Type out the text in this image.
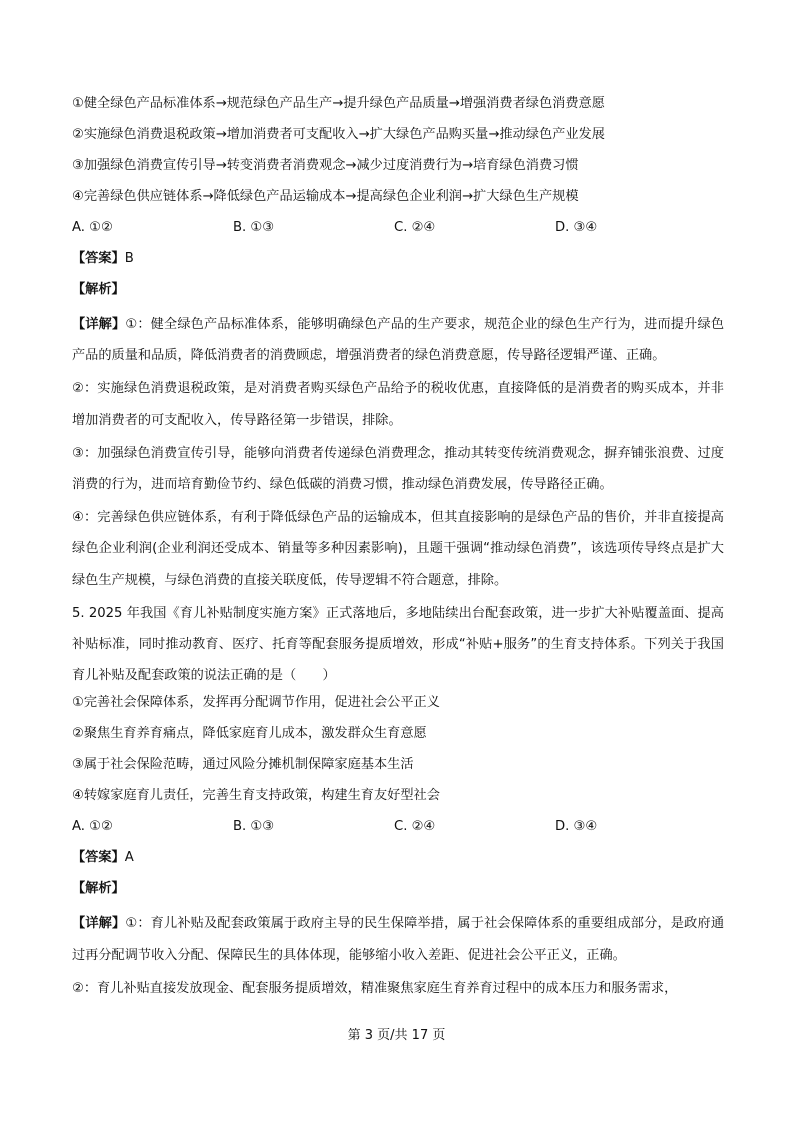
①健全绿色产品标准体系→规范绿色产品生产→提升绿色产品质量→增强消费者绿色消费意愿
②实施绿色消费退税政策→增加消费者可支配收入→扩大绿色产品购买量→推动绿色产业发展
③加强绿色消费宣传引导→转变消费者消费观念→减少过度消费行为→培育绿色消费习惯
④完善绿色供应链体系→降低绿色产品运输成本→提高绿色企业利润→扩大绿色生产规模
A. ①②	B. ①③	C. ②④	D. ③④
【答案】B
【解析】
【详解】①：健全绿色产品标准体系，能够明确绿色产品的生产要求，规范企业的绿色生产行为，进而提升绿色产品的质量和品质，降低消费者的消费顾虑，增强消费者的绿色消费意愿，传导路径逻辑严谨、正确。
②：实施绿色消费退税政策，是对消费者购买绿色产品给予的税收优惠，直接降低的是消费者的购买成本，并非增加消费者的可支配收入，传导路径第一步错误，排除。
③：加强绿色消费宣传引导，能够向消费者传递绿色消费理念，推动其转变传统消费观念，摒弃铺张浪费、过度消费的行为，进而培育勤俭节约、绿色低碳的消费习惯，推动绿色消费发展，传导路径正确。
④：完善绿色供应链体系，有利于降低绿色产品的运输成本，但其直接影响的是绿色产品的售价，并非直接提高绿色企业利润(企业利润还受成本、销量等多种因素影响)，且题干强调“推动绿色消费”，该选项传导终点是扩大绿色生产规模，与绿色消费的直接关联度低，传导逻辑不符合题意，排除。
5. 2025 年我国《育儿补贴制度实施方案》正式落地后，多地陆续出台配套政策，进一步扩大补贴覆盖面、提高补贴标准，同时推动教育、医疗、托育等配套服务提质增效，形成“补贴+服务”的生育支持体系。下列关于我国育儿补贴及配套政策的说法正确的是（　　）
①完善社会保障体系，发挥再分配调节作用，促进社会公平正义
②聚焦生育养育痛点，降低家庭育儿成本，激发群众生育意愿
③属于社会保险范畴，通过风险分摊机制保障家庭基本生活
④转嫁家庭育儿责任，完善生育支持政策，构建生育友好型社会
A. ①②	B. ①③	C. ②④	D. ③④
【答案】A
【解析】
【详解】①：育儿补贴及配套政策属于政府主导的民生保障举措，属于社会保障体系的重要组成部分，是政府通过再分配调节收入分配、保障民生的具体体现，能够缩小收入差距、促进社会公平正义，正确。
②：育儿补贴直接发放现金、配套服务提质增效，精准聚焦家庭生育养育过程中的成本压力和服务需求，
第 3 页/共 17 页
